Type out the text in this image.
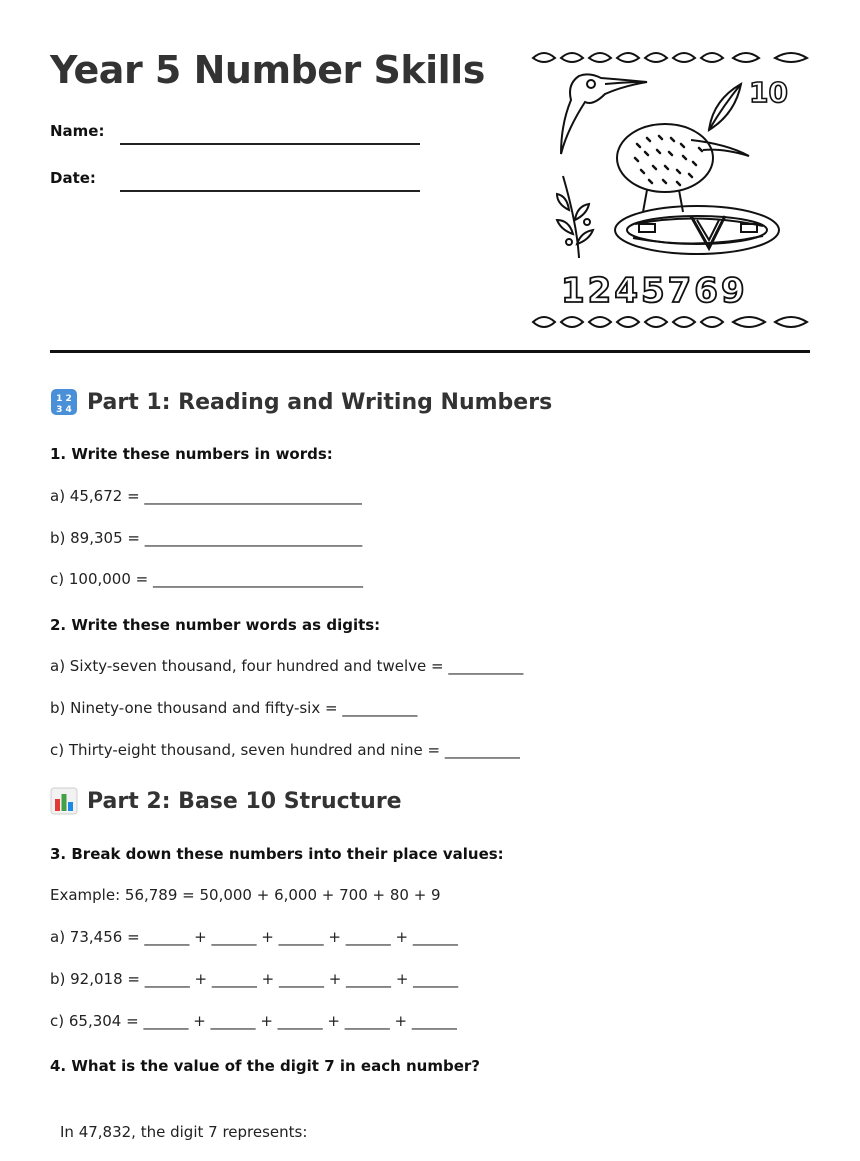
Year 5 Number Skills
Name:
Date:
10
1245769
1 2
3 4 Part 1: Reading and Writing Numbers
1. Write these numbers in words:
a) 45,672 = _____________________________
b) 89,305 = _____________________________
c) 100,000 = ____________________________
2. Write these number words as digits:
a) Sixty-seven thousand, four hundred and twelve = __________
b) Ninety-one thousand and fifty-six = __________
c) Thirty-eight thousand, seven hundred and nine = __________
Part 2: Base 10 Structure
3. Break down these numbers into their place values:
Example: 56,789 = 50,000 + 6,000 + 700 + 80 + 9
a) 73,456 = ______ + ______ + ______ + ______ + ______
b) 92,018 = ______ + ______ + ______ + ______ + ______
c) 65,304 = ______ + ______ + ______ + ______ + ______
4. What is the value of the digit 7 in each number?
In 47,832, the digit 7 represents:
